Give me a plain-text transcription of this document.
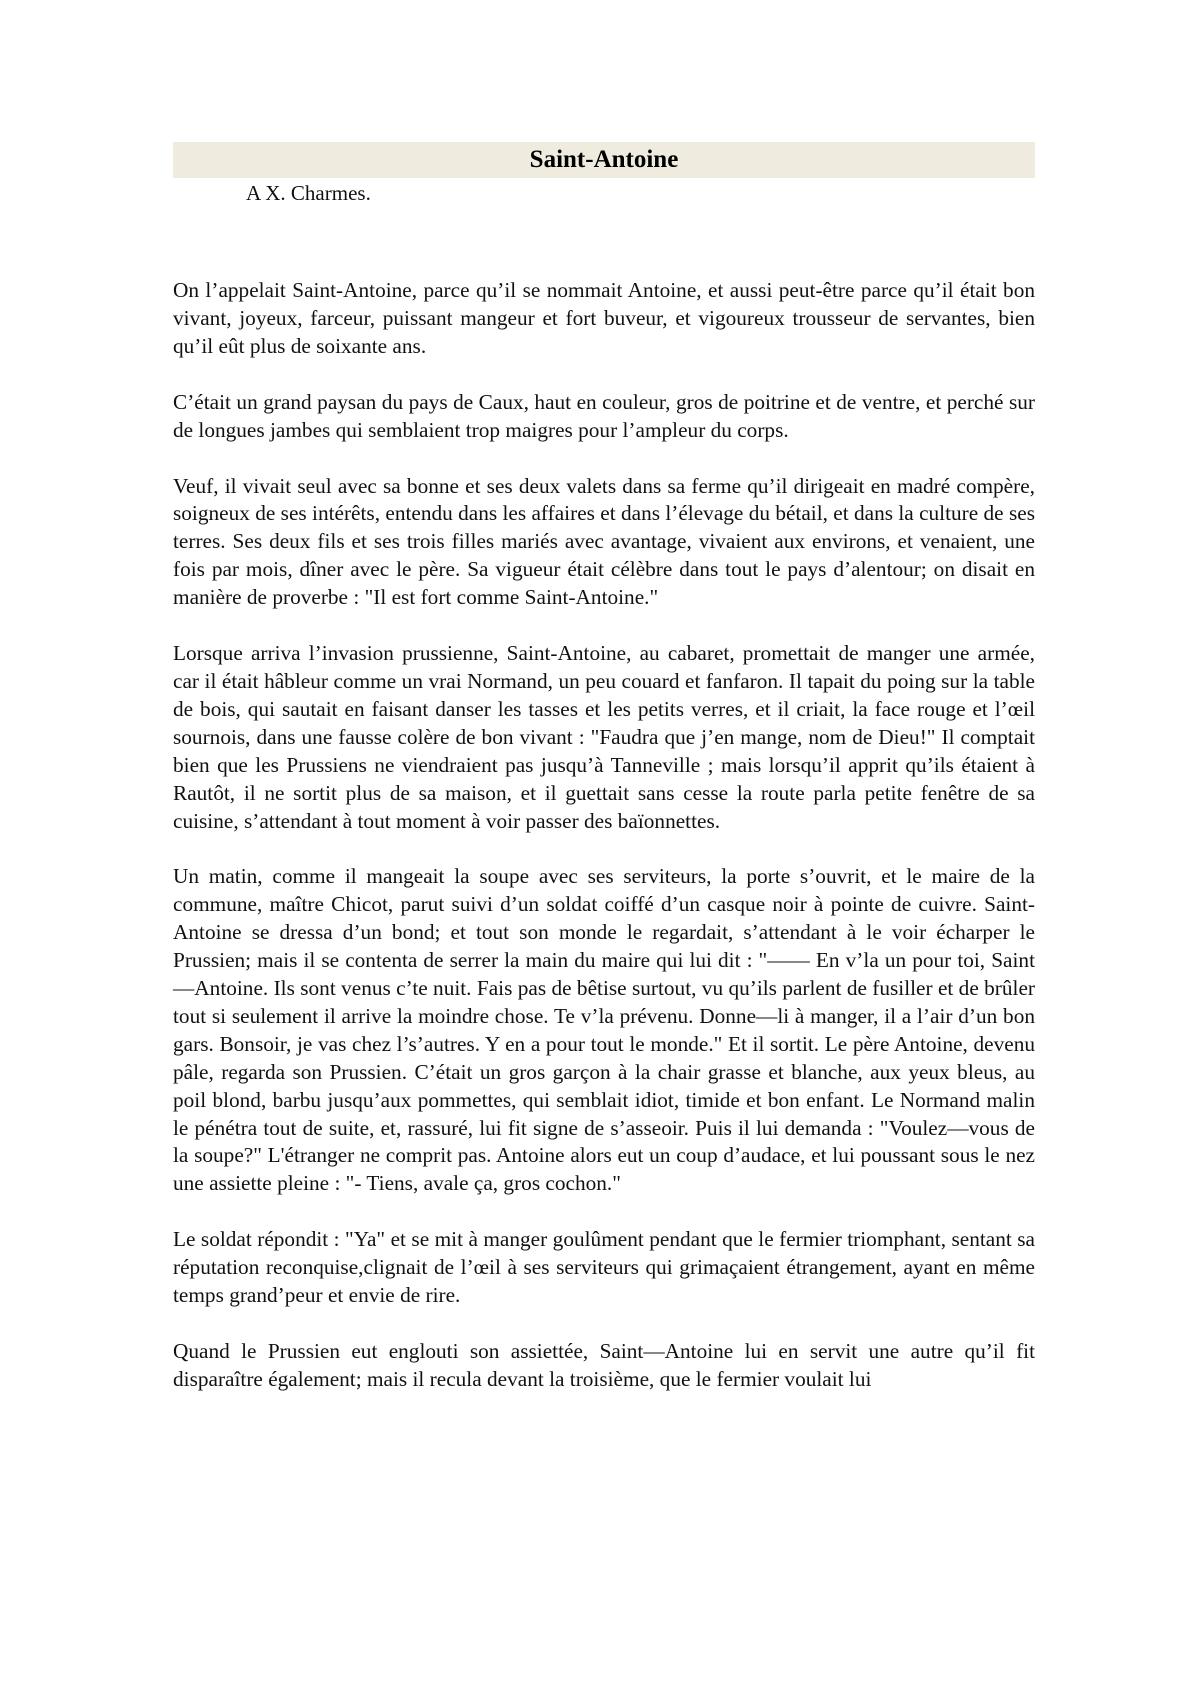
Saint-Antoine
A X. Charmes.

On l’appelait Saint-Antoine, parce qu’il se nommait Antoine, et aussi peut-être parce qu’il était bon vivant, joyeux, farceur, puissant mangeur et fort buveur, et vigoureux trousseur de servantes, bien qu’il eût plus de soixante ans.

C’était un grand paysan du pays de Caux, haut en couleur, gros de poitrine et de ventre, et perché sur de longues jambes qui semblaient trop maigres pour l’ampleur du corps.

Veuf, il vivait seul avec sa bonne et ses deux valets dans sa ferme qu’il dirigeait en madré compère, soigneux de ses intérêts, entendu dans les affaires et dans l’élevage du bétail, et dans la culture de ses terres. Ses deux fils et ses trois filles mariés avec avantage, vivaient aux environs, et venaient, une fois par mois, dîner avec le père. Sa vigueur était célèbre dans tout le pays d’alentour; on disait en manière de proverbe : "Il est fort comme Saint-Antoine."

Lorsque arriva l’invasion prussienne, Saint-Antoine, au cabaret, promettait de manger une armée, car il était hâbleur comme un vrai Normand, un peu couard et fanfaron. Il tapait du poing sur la table de bois, qui sautait en faisant danser les tasses et les petits verres, et il criait, la face rouge et l’œil sournois, dans une fausse colère de bon vivant : "Faudra que j’en mange, nom de Dieu!" Il comptait bien que les Prussiens ne viendraient pas jusqu’à Tanneville ; mais lorsqu’il apprit qu’ils étaient à Rautôt, il ne sortit plus de sa maison, et il guettait sans cesse la route parla petite fenêtre de sa cuisine, s’attendant à tout moment à voir passer des baïonnettes.

Un matin, comme il mangeait la soupe avec ses serviteurs, la porte s’ouvrit, et le maire de la commune, maître Chicot, parut suivi d’un soldat coiffé d’un casque noir à pointe de cuivre. Saint-Antoine se dressa d’un bond; et tout son monde le regardait, s’attendant à le voir écharper le Prussien; mais il se contenta de serrer la main du maire qui lui dit : "—— En v’la un pour toi, Saint—Antoine. Ils sont venus c’te nuit. Fais pas de bêtise surtout, vu qu’ils parlent de fusiller et de brûler tout si seulement il arrive la moindre chose. Te v’la prévenu. Donne—li à manger, il a l’air d’un bon gars. Bonsoir, je vas chez l’s’autres. Y en a pour tout le monde." Et il sortit. Le père Antoine, devenu pâle, regarda son Prussien. C’était un gros garçon à la chair grasse et blanche, aux yeux bleus, au poil blond, barbu jusqu’aux pommettes, qui semblait idiot, timide et bon enfant. Le Normand malin le pénétra tout de suite, et, rassuré, lui fit signe de s’asseoir. Puis il lui demanda : "Voulez—vous de la soupe?" L'étranger ne comprit pas. Antoine alors eut un coup d’audace, et lui poussant sous le nez une assiette pleine : "- Tiens, avale ça, gros cochon."

Le soldat répondit : "Ya" et se mit à manger goulûment pendant que le fermier triomphant, sentant sa réputation reconquise,clignait de l’œil à ses serviteurs qui grimaçaient étrangement, ayant en même temps grand’peur et envie de rire.

Quand le Prussien eut englouti son assiettée, Saint—Antoine lui en servit une autre qu’il fit disparaître également; mais il recula devant la troisième, que le fermier voulait lui
